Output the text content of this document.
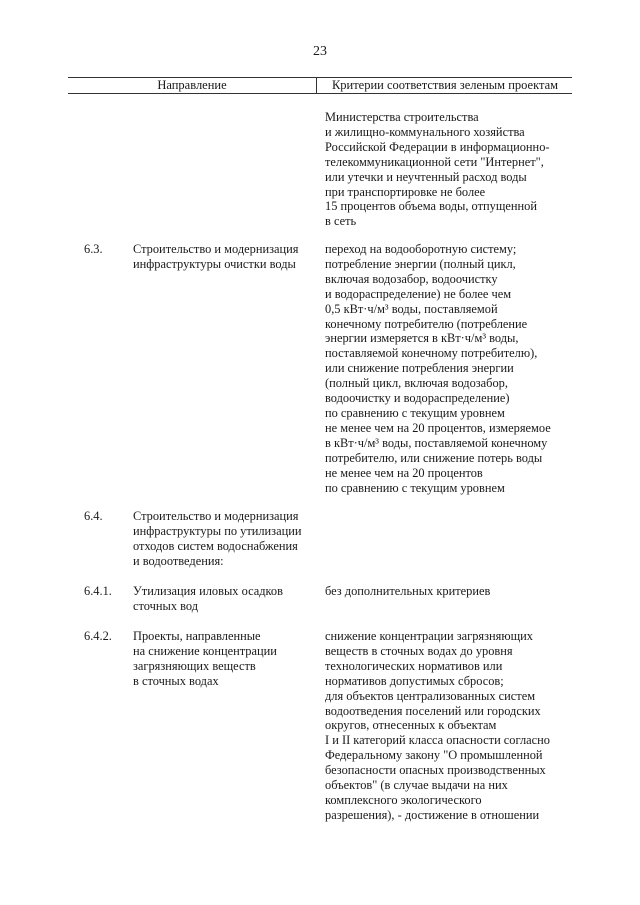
23
Направление	Критерии соответствия зеленым проектам
Министерства строительства
и жилищно-коммунального хозяйства
Российской Федерации в информационно-
телекоммуникационной сети "Интернет",
или утечки и неучтенный расход воды
при транспортировке не более
15 процентов объема воды, отпущенной
в сеть
6.3. Строительство и модернизация
инфраструктуры очистки воды
переход на водооборотную систему;
потребление энергии (полный цикл,
включая водозабор, водоочистку
и водораспределение) не более чем
0,5 кВт·ч/м³ воды, поставляемой
конечному потребителю (потребление
энергии измеряется в кВт·ч/м³ воды,
поставляемой конечному потребителю),
или снижение потребления энергии
(полный цикл, включая водозабор,
водоочистку и водораспределение)
по сравнению с текущим уровнем
не менее чем на 20 процентов, измеряемое
в кВт·ч/м³ воды, поставляемой конечному
потребителю, или снижение потерь воды
не менее чем на 20 процентов
по сравнению с текущим уровнем
6.4. Строительство и модернизация
инфраструктуры по утилизации
отходов систем водоснабжения
и водоотведения:
6.4.1. Утилизация иловых осадков
сточных вод
без дополнительных критериев
6.4.2. Проекты, направленные
на снижение концентрации
загрязняющих веществ
в сточных водах
снижение концентрации загрязняющих
веществ в сточных водах до уровня
технологических нормативов или
нормативов допустимых сбросов;
для объектов централизованных систем
водоотведения поселений или городских
округов, отнесенных к объектам
I и II категорий класса опасности согласно
Федеральному закону "О промышленной
безопасности опасных производственных
объектов" (в случае выдачи на них
комплексного экологического
разрешения), - достижение в отношении
